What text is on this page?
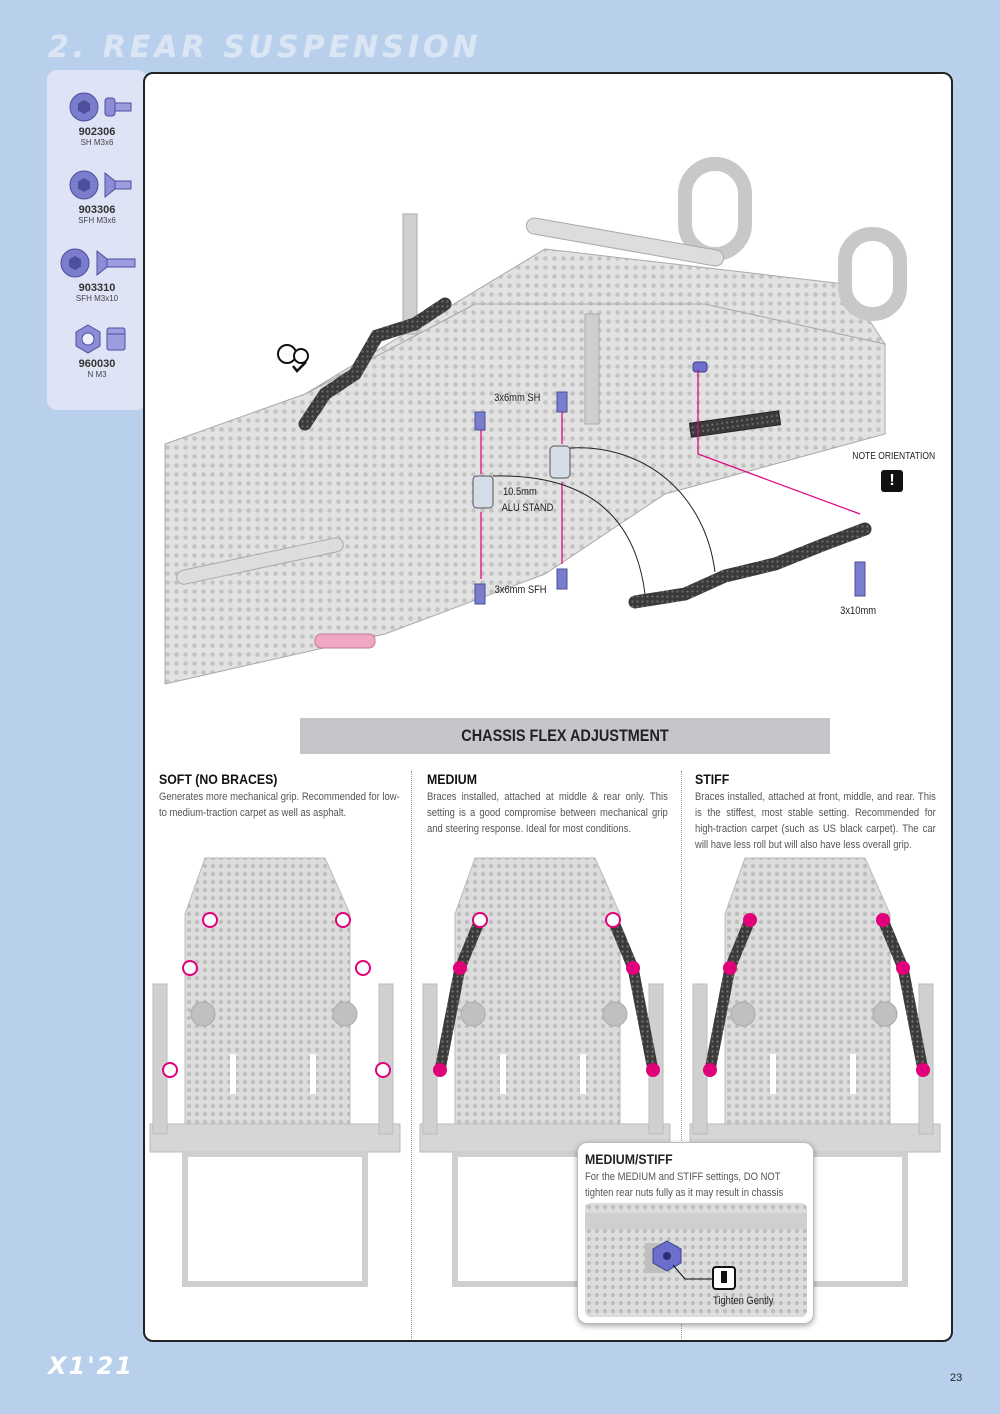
2. REAR SUSPENSION
902306
SH M3x6
903306
SFH M3x6
903310
SFH M3x10
960030
N M3
3x6mm SH
10.5mm
ALU STAND
3x6mm SFH
NOTE ORIENTATION
!
3x10mm
CHASSIS FLEX ADJUSTMENT
SOFT (NO BRACES)
Generates more mechanical grip. Recommended for low-to medium-traction carpet as well as asphalt.
MEDIUM
Braces installed, attached at middle & rear only. This setting is a good compromise between mechanical grip and steering response. Ideal for most conditions.
STIFF
Braces installed, attached at front, middle, and rear. This is the stiffest, most stable setting. Recommended for high-traction carpet (such as US black carpet). The car will have less roll but will also have less overall grip.
MEDIUM/STIFF
For the MEDIUM and STIFF settings, DO NOT tighten rear nuts fully as it may result in chassis
Tighten Gently
X1'21	23
